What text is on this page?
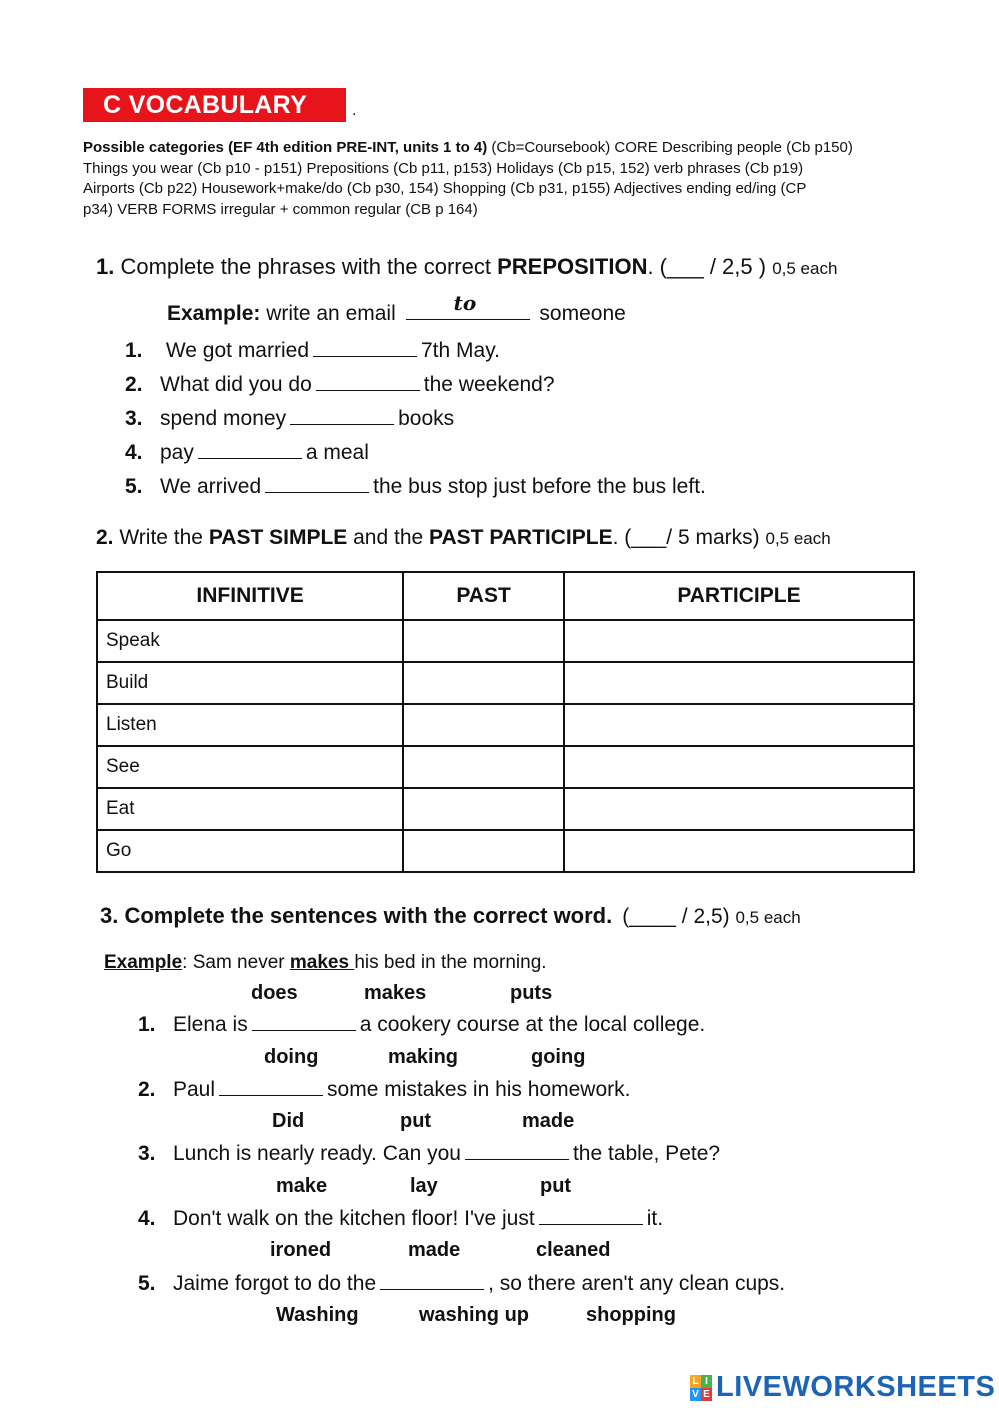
C VOCABULARY	.
Possible categories (EF 4th edition PRE-INT, units 1 to 4) (Cb=Coursebook) CORE Describing people (Cb p150)
Things you wear (Cb p10 - p151) Prepositions (Cb p11, p153) Holidays (Cb p15, 152) verb phrases (Cb p19)
Airports (Cb p22) Housework+make/do (Cb p30, 154) Shopping (Cb p31, p155) Adjectives ending ed/ing (CP
p34) VERB FORMS irregular + common regular (CB p 164)
1. Complete the phrases with the correct PREPOSITION. (___ / 2,5 ) 0,5 each
Example: write an email	to	someone
1. We got married	7th May.
2. What did you do	the weekend?
3. spend money	books
4. pay	a meal
5. We arrived	the bus stop just before the bus left.
2. Write the PAST SIMPLE and the PAST PARTICIPLE. (___/ 5 marks) 0,5 each
INFINITIVE	PAST	PARTICIPLE
Speak		
Build		
Listen		
See		
Eat		
Go		
3. Complete the sentences with the correct word. (____ / 2,5) 0,5 each
Example: Sam never makes his bed in the morning.
does	makes	puts
1. Elena is	a cookery course at the local college.
doing	making	going
2. Paul	some mistakes in his homework.
Did	put	made
3. Lunch is nearly ready. Can you	the table, Pete?
make	lay	put
4. Don't walk on the kitchen floor! I've just	it.
ironed	made	cleaned
5. Jaime forgot to do the	, so there aren't any clean cups.
Washing	washing up	shopping
L I
V E LIVEWORKSHEETS
